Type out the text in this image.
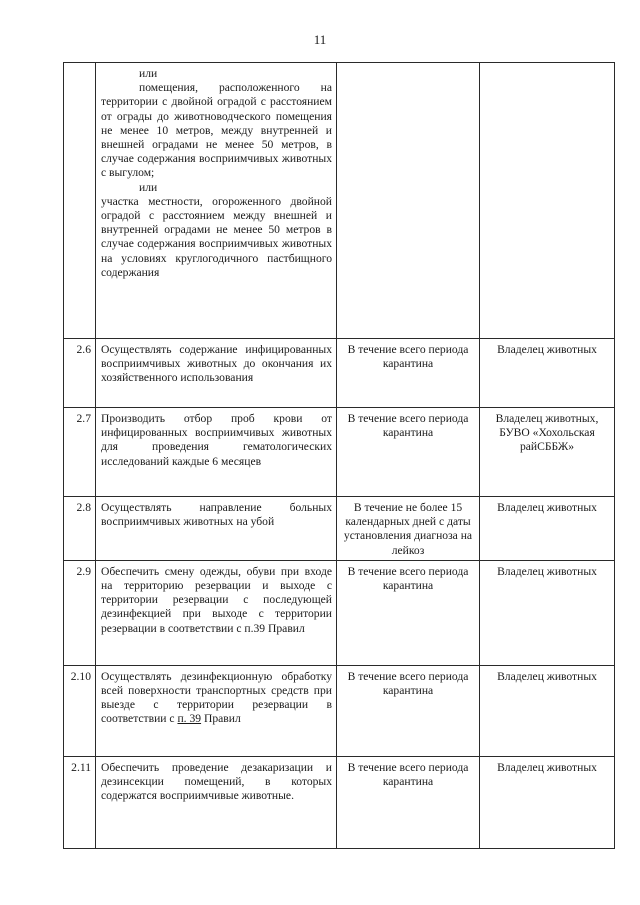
11

	или

помещения, расположенного на территории с двойной оградой с расстоянием от ограды до животноводческого помещения не менее 10 метров, между внутренней и внешней оградами не менее 50 метров, в случае содержания восприимчивых животных с выгулом;

или

участка местности, огороженного двойной оградой с расстоянием между внешней и внутренней оградами не менее 50 метров в случае содержания восприимчивых животных на условиях круглогодичного пастбищного содержания		

2.6	Осуществлять содержание инфицированных восприимчивых животных до окончания их хозяйственного использования	В течение всего периода карантина	Владелец животных
2.7	Производить отбор проб крови от инфицированных восприимчивых животных для проведения гематологических исследований каждые 6 месяцев	В течение всего периода карантина	Владелец животных, БУВО «Хохольская райСББЖ»
2.8	Осуществлять направление больных восприимчивых животных на убой	В течение не более 15 календарных дней с даты установления диагноза на лейкоз	Владелец животных
2.9	Обеспечить смену одежды, обуви при входе на территорию резервации и выходе с территории резервации с последующей дезинфекцией при выходе с территории резервации в соответствии с п.39 Правил	В течение всего периода карантина	Владелец животных
2.10	Осуществлять дезинфекционную обработку всей поверхности транспортных средств при выезде с территории резервации в соответствии с п. 39 Правил	В течение всего периода карантина	Владелец животных
2.11	Обеспечить проведение дезакаризации и дезинсекции помещений, в которых содержатся восприимчивые животные.	В течение всего периода карантина	Владелец животных
